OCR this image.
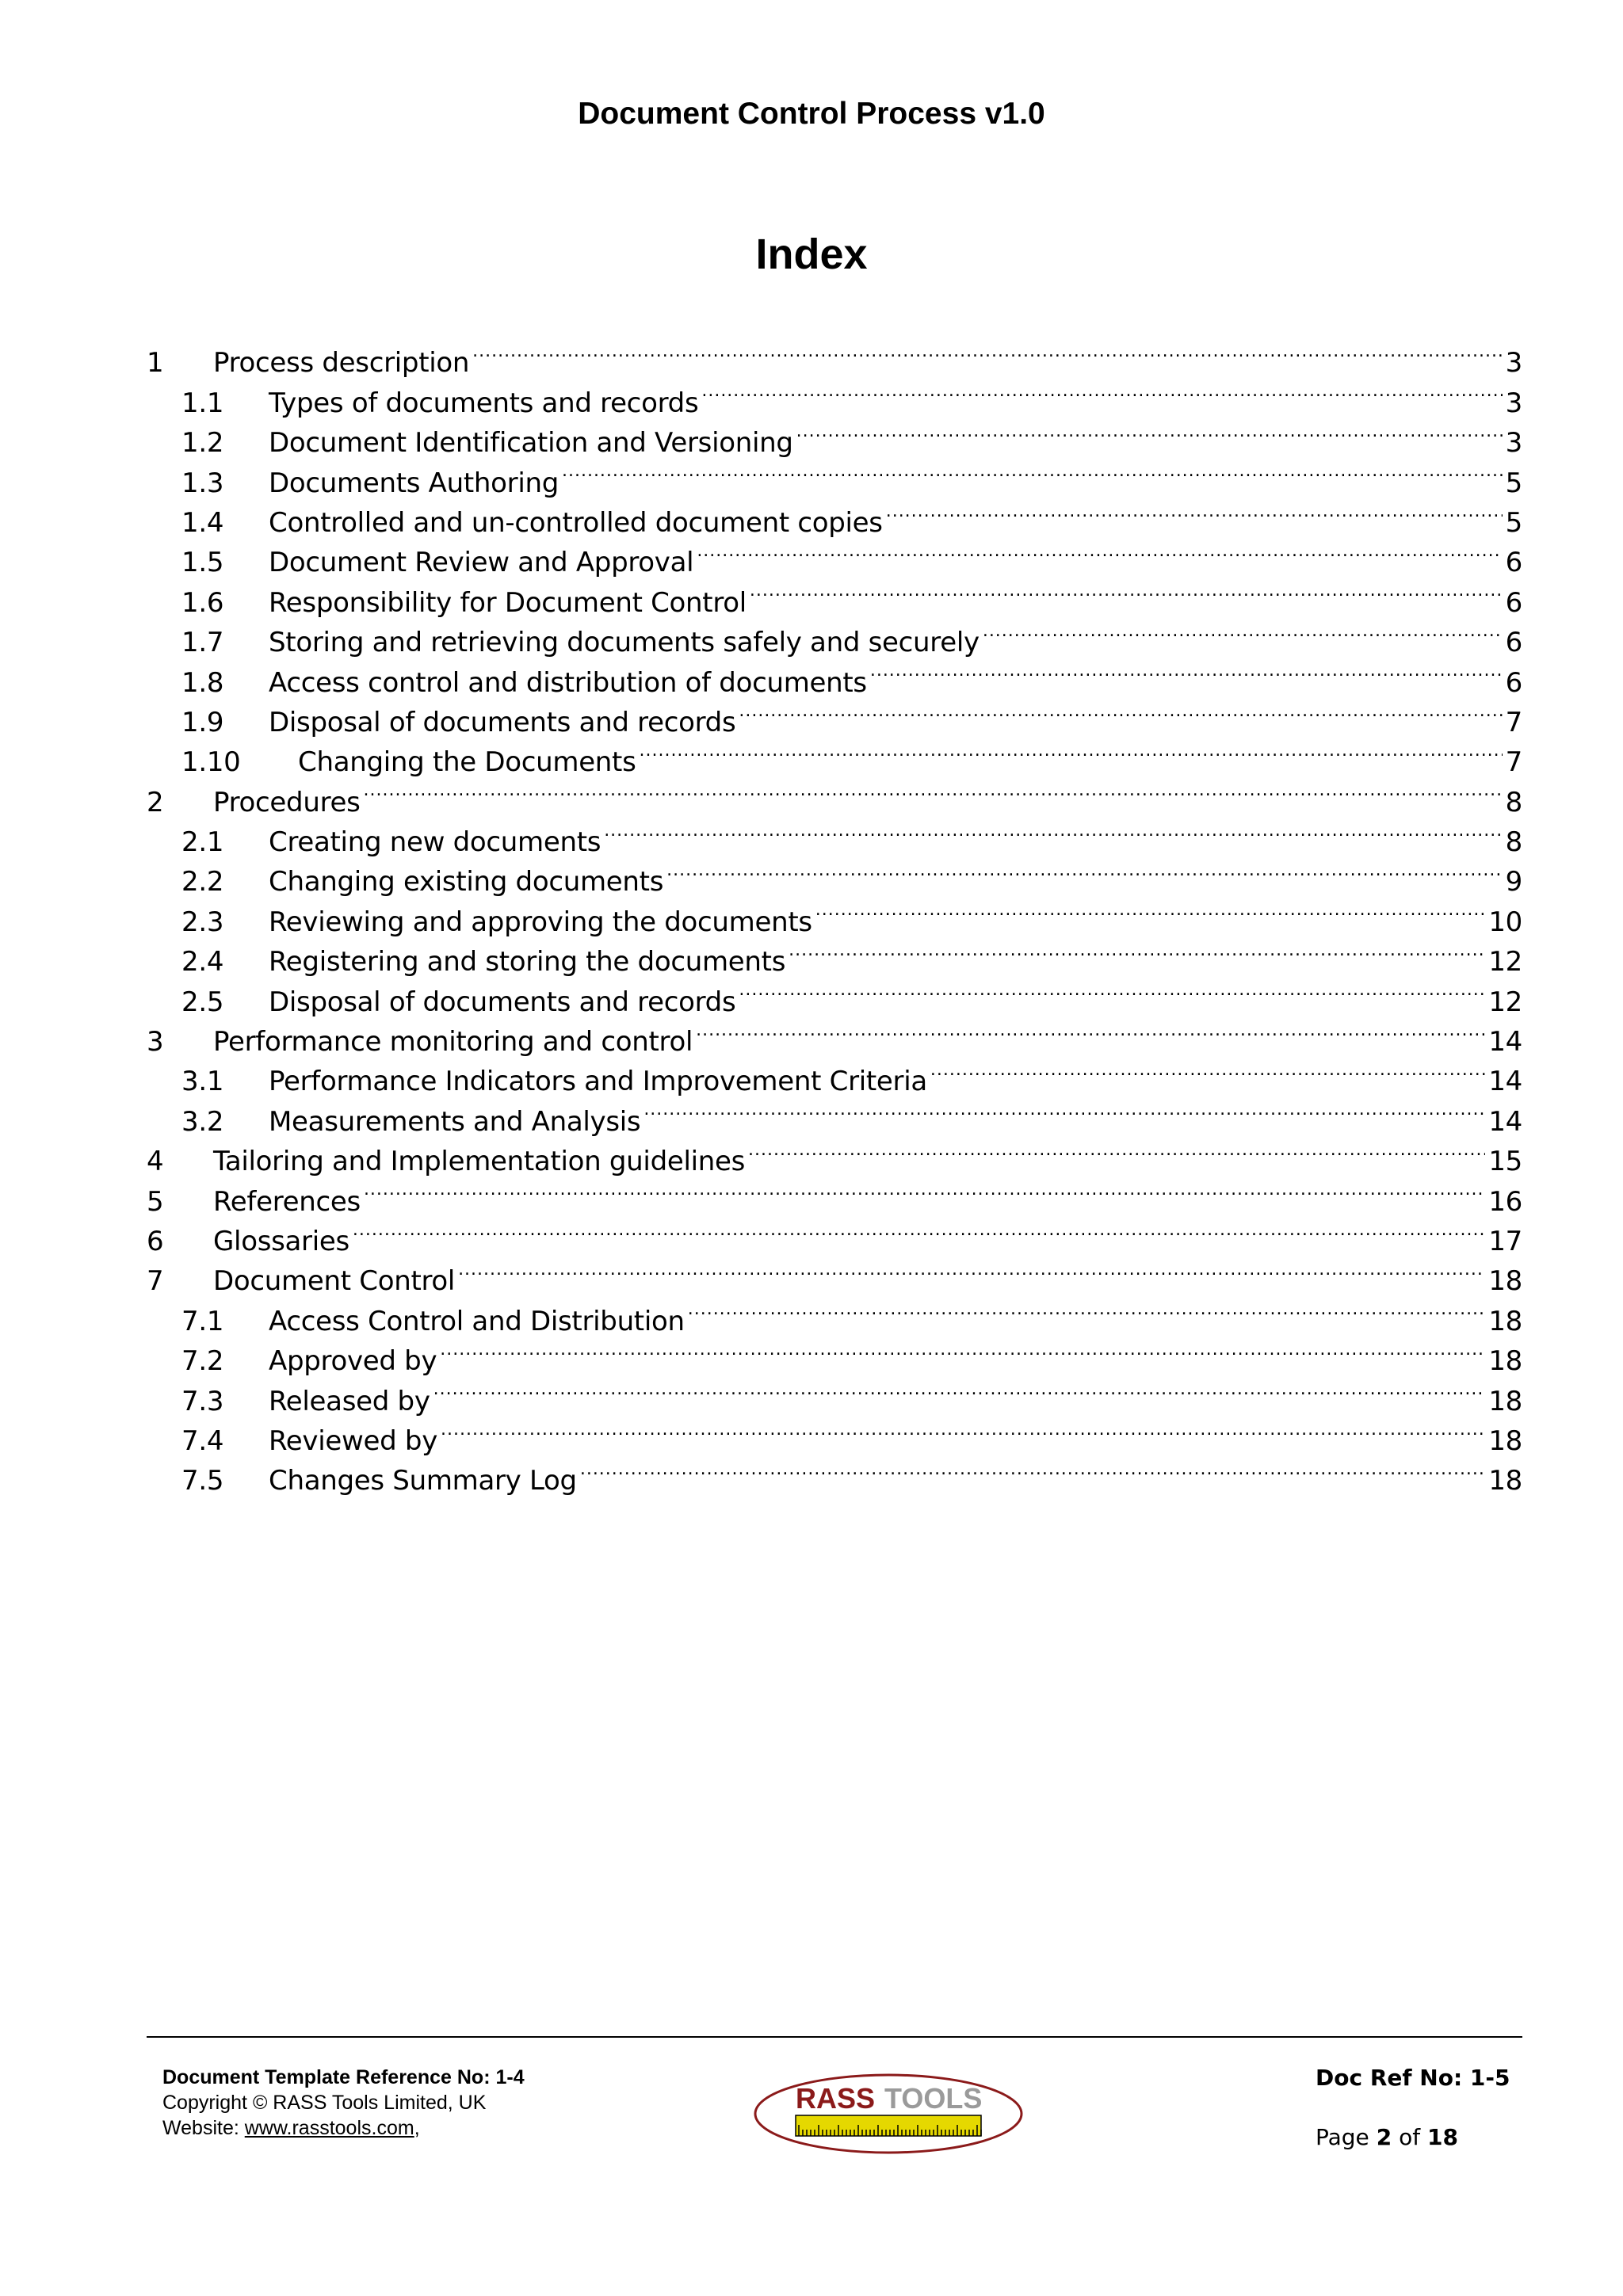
Document Control Process v1.0
Index
1	Process description . . .	3
1.1	Types of documents and records . . .	3
1.2	Document Identification and Versioning . . .	3
1.3	Documents Authoring . . .	5
1.4	Controlled and un-controlled document copies . . .	5
1.5	Document Review and Approval . . .	6
1.6	Responsibility for Document Control . . .	6
1.7	Storing and retrieving documents safely and securely . . .	6
1.8	Access control and distribution of documents . . .	6
1.9	Disposal of documents and records . . .	7
1.10	Changing the Documents . . .	7
2	Procedures . . .	8
2.1	Creating new documents . . .	8
2.2	Changing existing documents . . .	9
2.3	Reviewing and approving the documents . . .	10
2.4	Registering and storing the documents . . .	12
2.5	Disposal of documents and records . . .	12
3	Performance monitoring and control . . .	14
3.1	Performance Indicators and Improvement Criteria . . .	14
3.2	Measurements and Analysis . . .	14
4	Tailoring and Implementation guidelines . . .	15
5	References . . .	16
6	Glossaries . . .	17
7	Document Control . . .	18
7.1	Access Control and Distribution . . .	18
7.2	Approved by . . .	18
7.3	Released by . . .	18
7.4	Reviewed by . . .	18
7.5	Changes Summary Log . . .	18
Document Template Reference No: 1-4
Copyright © RASS Tools Limited, UK
Website: www.rasstools.com,
RASS TOOLS
Doc Ref No: 1-5
Page 2 of 18
